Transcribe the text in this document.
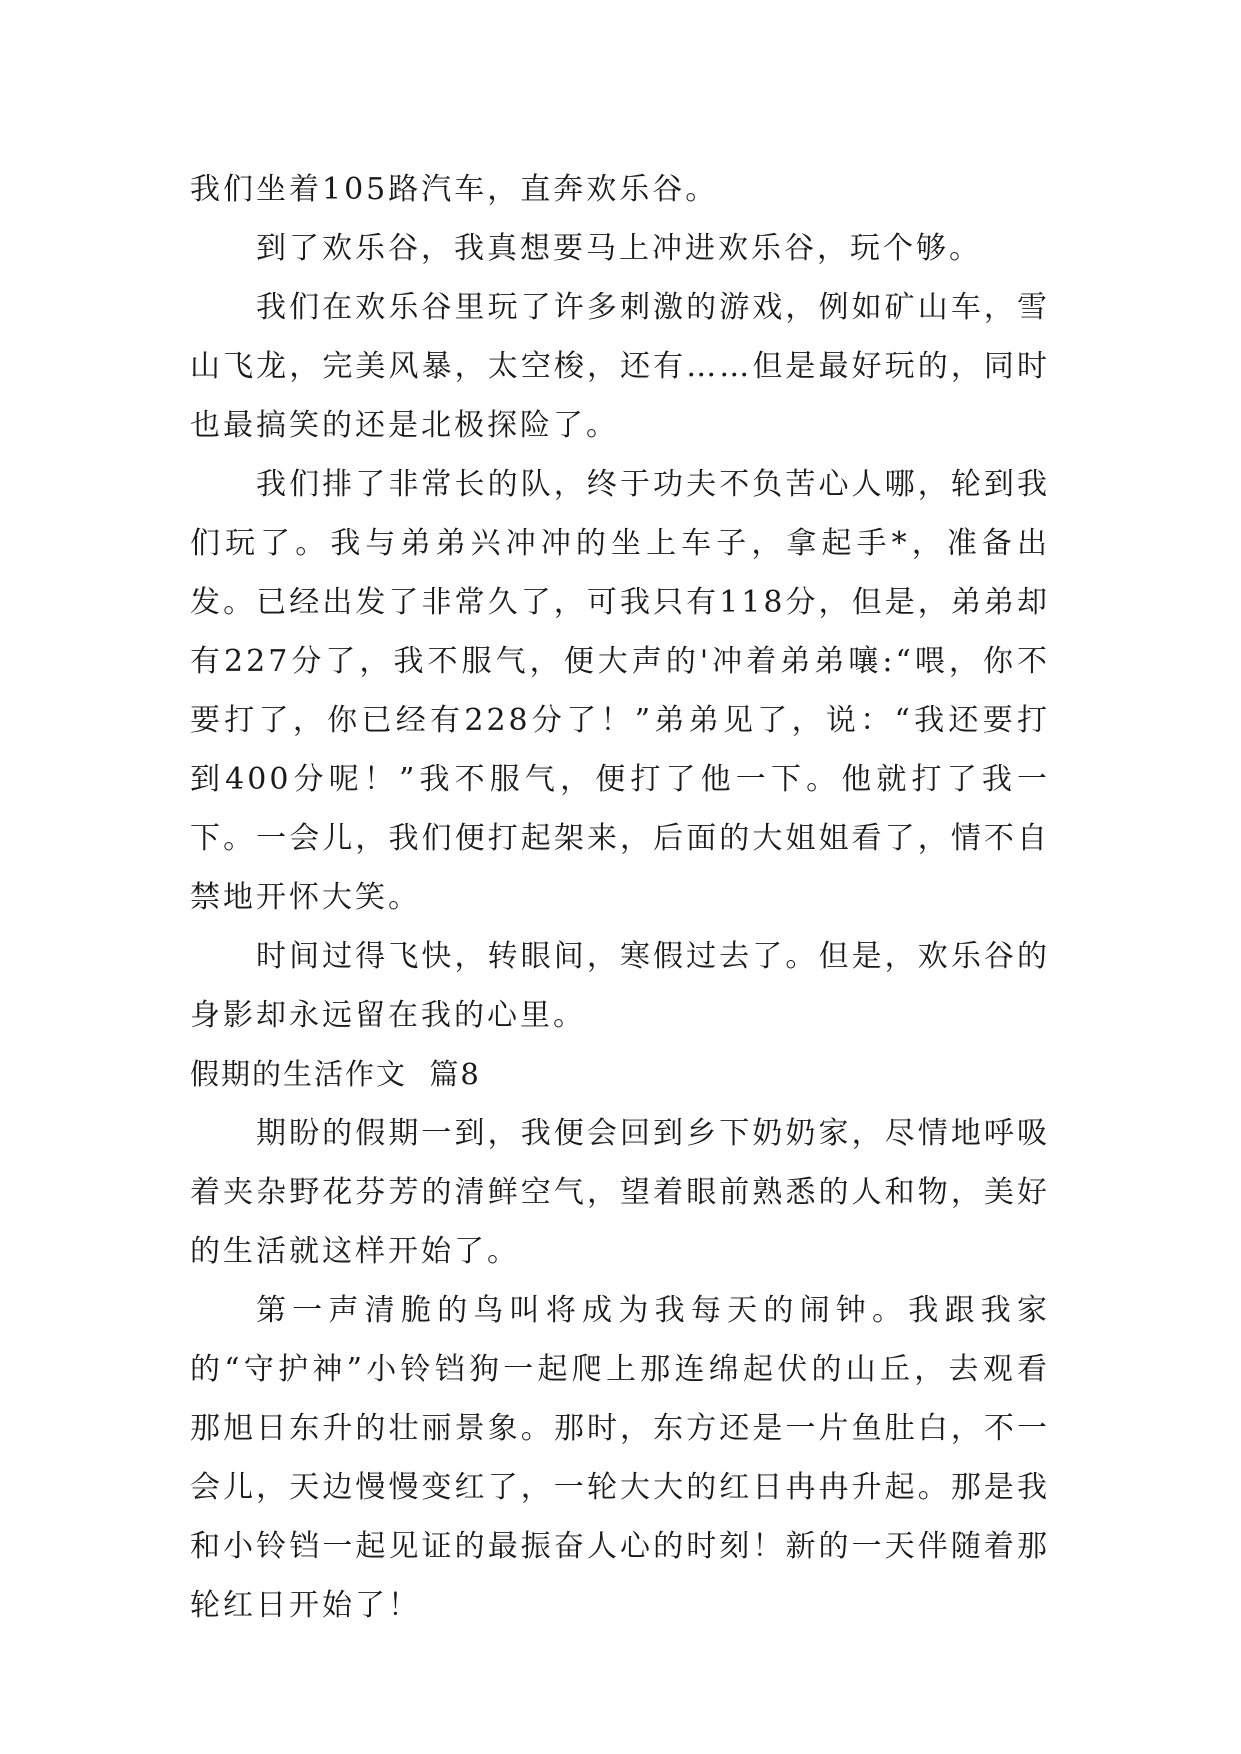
我们坐着105路汽车，直奔欢乐谷。

到了欢乐谷，我真想要马上冲进欢乐谷，玩个够。

我们在欢乐谷里玩了许多刺激的游戏，例如矿山车，雪山飞龙，完美风暴，太空梭，还有……但是最好玩的，同时也最搞笑的还是北极探险了。

我们排了非常长的队，终于功夫不负苦心人哪，轮到我们玩了。我与弟弟兴冲冲的坐上车子，拿起手*，准备出发。已经出发了非常久了，可我只有118分，但是，弟弟却有227分了，我不服气，便大声的'冲着弟弟嚷:“喂，你不要打了，你已经有228分了！”弟弟见了，说：“我还要打到400分呢！”我不服气，便打了他一下。他就打了我一下。一会儿，我们便打起架来，后面的大姐姐看了，情不自禁地开怀大笑。

时间过得飞快，转眼间，寒假过去了。但是，欢乐谷的身影却永远留在我的心里。

假期的生活作文  篇8

期盼的假期一到，我便会回到乡下奶奶家，尽情地呼吸着夹杂野花芬芳的清鲜空气，望着眼前熟悉的人和物，美好的生活就这样开始了。

第一声清脆的鸟叫将成为我每天的闹钟。我跟我家的“守护神”小铃铛狗一起爬上那连绵起伏的山丘，去观看那旭日东升的壮丽景象。那时，东方还是一片鱼肚白，不一会儿，天边慢慢变红了，一轮大大的红日冉冉升起。那是我和小铃铛一起见证的最振奋人心的时刻！新的一天伴随着那轮红日开始了！
